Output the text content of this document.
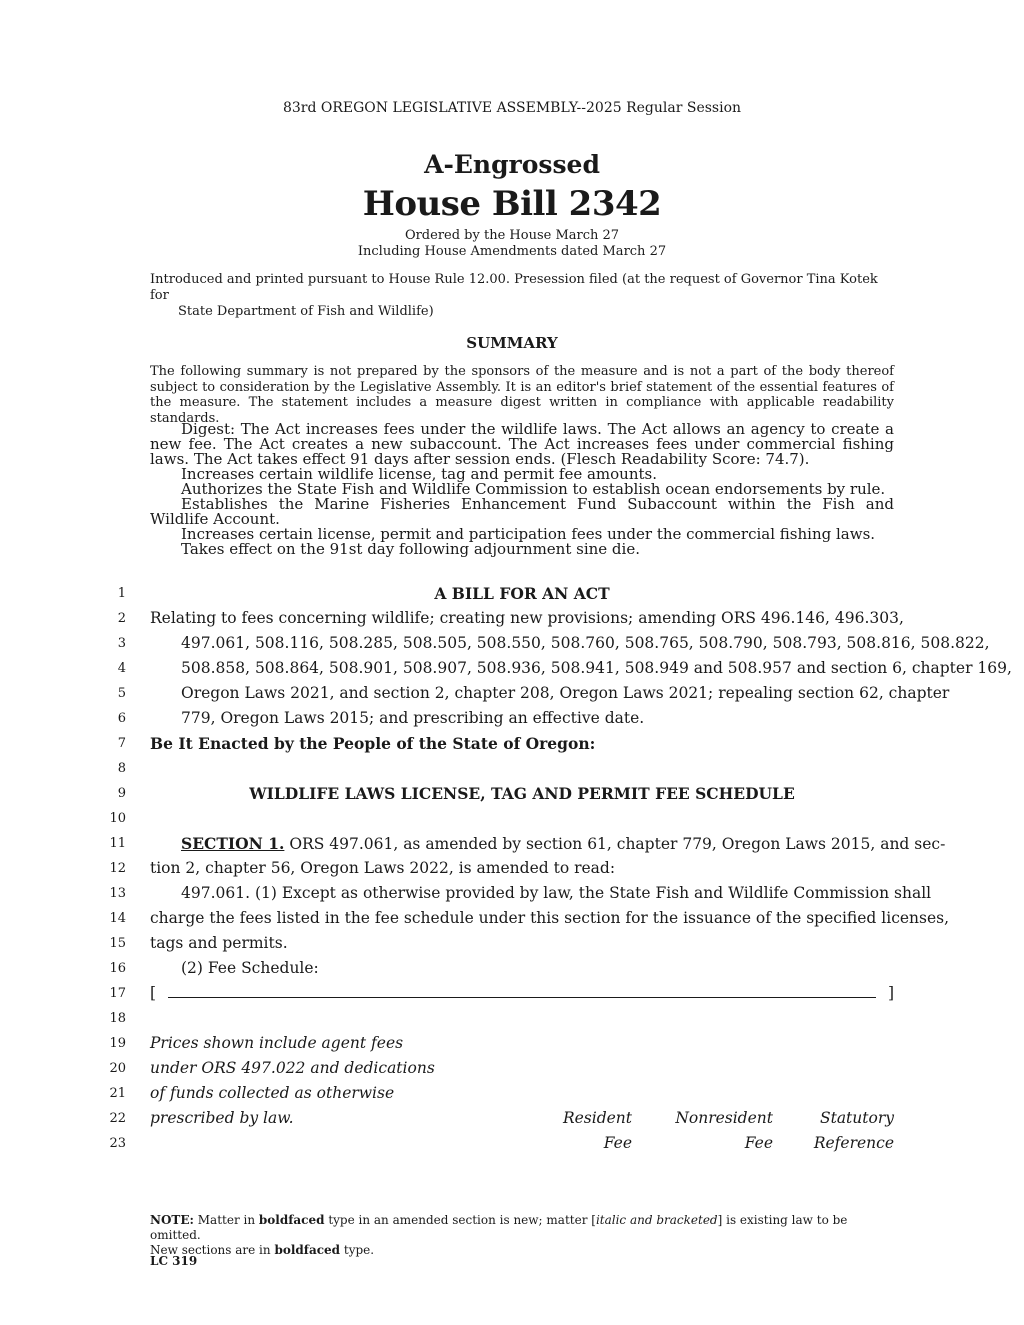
83rd OREGON LEGISLATIVE ASSEMBLY--2025 Regular Session
A-Engrossed
House Bill 2342
Ordered by the House March 27
Including House Amendments dated March 27
Introduced and printed pursuant to House Rule 12.00. Presession filed (at the request of Governor Tina Kotek for
State Department of Fish and Wildlife)
SUMMARY
The following summary is not prepared by the sponsors of the measure and is not a part of the body thereof subject to consideration by the Legislative Assembly. It is an editor's brief statement of the essential features of the measure. The statement includes a measure digest written in compliance with applicable readability standards.

Digest: The Act increases fees under the wildlife laws. The Act allows an agency to create a new fee. The Act creates a new subaccount. The Act increases fees under commercial fishing laws. The Act takes effect 91 days after session ends. (Flesch Readability Score: 74.7).

Increases certain wildlife license, tag and permit fee amounts.

Authorizes the State Fish and Wildlife Commission to establish ocean endorsements by rule.

Establishes the Marine Fisheries Enhancement Fund Subaccount within the Fish and Wildlife Account.

Increases certain license, permit and participation fees under the commercial fishing laws.

Takes effect on the 91st day following adjournment sine die.

1
2
3
4
5
6
7
8
9
10
11
12
13
14
15
16
17
18
19
20
21
22
23
A BILL FOR AN ACT
Relating to fees concerning wildlife; creating new provisions; amending ORS 496.146, 496.303,
497.061, 508.116, 508.285, 508.505, 508.550, 508.760, 508.765, 508.790, 508.793, 508.816, 508.822,
508.858, 508.864, 508.901, 508.907, 508.936, 508.941, 508.949 and 508.957 and section 6, chapter 169,
Oregon Laws 2021, and section 2, chapter 208, Oregon Laws 2021; repealing section 62, chapter
779, Oregon Laws 2015; and prescribing an effective date.
Be It Enacted by the People of the State of Oregon:
WILDLIFE LAWS LICENSE, TAG AND PERMIT FEE SCHEDULE
SECTION 1. ORS 497.061, as amended by section 61, chapter 779, Oregon Laws 2015, and sec-
tion 2, chapter 56, Oregon Laws 2022, is amended to read:
497.061. (1) Except as otherwise provided by law, the State Fish and Wildlife Commission shall
charge the fees listed in the fee schedule under this section for the issuance of the specified licenses,
tags and permits.
(2) Fee Schedule:
[	]
Prices shown include agent fees
under ORS 497.022 and dedications
of funds collected as otherwise
prescribed by law.	Resident
Fee
Nonresident
Fee
Statutory
Reference
NOTE: Matter in boldfaced type in an amended section is new; matter [italic and bracketed] is existing law to be omitted.
New sections are in boldfaced type.
LC 319
